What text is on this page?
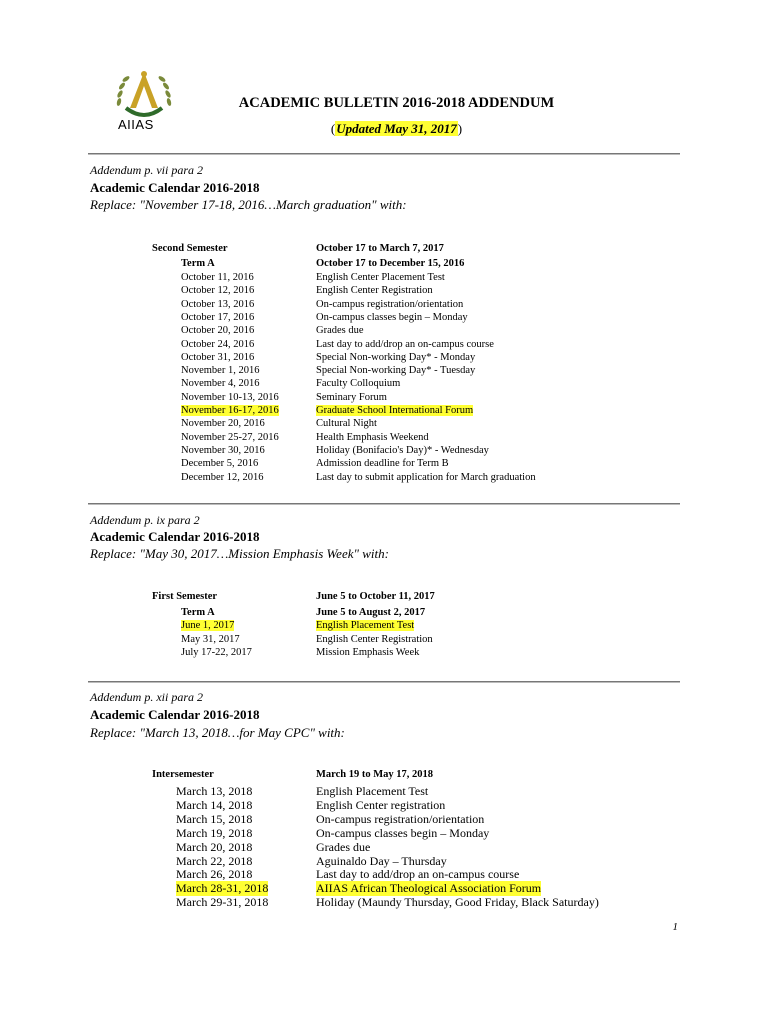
AIIAS
ACADEMIC BULLETIN 2016-2018 ADDENDUM
(Updated May 31, 2017)
Addendum p. vii para 2
Academic Calendar 2016-2018
Replace: "November 17-18, 2016…March graduation" with:
Second Semester	October 17 to March 7, 2017
Term A	October 17 to December 15, 2016
October 11, 2016	English Center Placement Test
October 12, 2016	English Center Registration
October 13, 2016	On-campus registration/orientation
October 17, 2016	On-campus classes begin – Monday
October 20, 2016	Grades due
October 24, 2016	Last day to add/drop an on-campus course
October 31, 2016	Special Non-working Day* - Monday
November 1, 2016	Special Non-working Day* - Tuesday
November 4, 2016	Faculty Colloquium
November 10-13, 2016	Seminary Forum
November 16-17, 2016	Graduate School International Forum
November 20, 2016	Cultural Night
November 25-27, 2016	Health Emphasis Weekend
November 30, 2016	Holiday (Bonifacio's Day)* - Wednesday
December 5, 2016	Admission deadline for Term B
December 12, 2016	Last day to submit application for March graduation
Addendum p. ix para 2
Academic Calendar 2016-2018
Replace: "May 30, 2017…Mission Emphasis Week" with:
First Semester	June 5 to October 11, 2017
Term A	June 5 to August 2, 2017
June 1, 2017	English Placement Test
May 31, 2017	English Center Registration
July 17-22, 2017	Mission Emphasis Week
Addendum p. xii para 2
Academic Calendar 2016-2018
Replace: "March 13, 2018…for May CPC" with:
Intersemester	March 19 to May 17, 2018
March 13, 2018	English Placement Test
March 14, 2018	English Center registration
March 15, 2018	On-campus registration/orientation
March 19, 2018	On-campus classes begin – Monday
March 20, 2018	Grades due
March 22, 2018	Aguinaldo Day – Thursday
March 26, 2018	Last day to add/drop an on-campus course
March 28-31, 2018	AIIAS African Theological Association Forum
March 29-31, 2018	Holiday (Maundy Thursday, Good Friday, Black Saturday)
1
